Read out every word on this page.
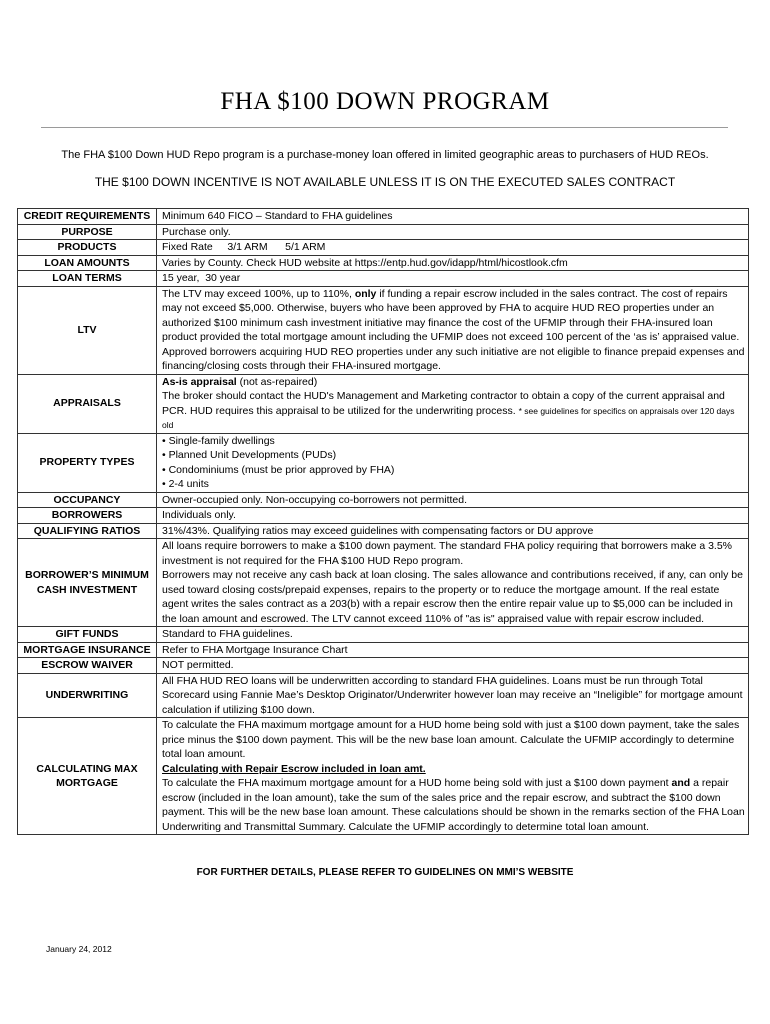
FHA $100 DOWN PROGRAM
The FHA $100 Down HUD Repo program is a purchase-money loan offered in limited geographic areas to purchasers of HUD REOs.
THE $100 DOWN INCENTIVE IS NOT AVAILABLE UNLESS IT IS ON THE EXECUTED SALES CONTRACT
CREDIT REQUIREMENTS	Minimum 640 FICO – Standard to FHA guidelines
PURPOSE	Purchase only.
PRODUCTS	Fixed Rate     3/1 ARM      5/1 ARM
LOAN AMOUNTS	Varies by County. Check HUD website at https://entp.hud.gov/idapp/html/hicostlook.cfm
LOAN TERMS	15 year,  30 year
LTV	The LTV may exceed 100%, up to 110%, only if funding a repair escrow included in the sales contract. The cost of repairs may not exceed $5,000. Otherwise, buyers who have been approved by FHA to acquire HUD REO properties under an authorized $100 minimum cash investment initiative may finance the cost of the UFMIP through their FHA-insured loan product provided the total mortgage amount including the UFMIP does not exceed 100 percent of the ‘as is’ appraised value. Approved borrowers acquiring HUD REO properties under any such initiative are not eligible to finance prepaid expenses and financing/closing costs through their FHA-insured mortgage.
APPRAISALS	As-is appraisal (not as-repaired)
The broker should contact the HUD's Management and Marketing contractor to obtain a copy of the current appraisal and PCR. HUD requires this appraisal to be utilized for the underwriting process. * see guidelines for specifics on appraisals over 120 days old
PROPERTY TYPES	• Single-family dwellings
• Planned Unit Developments (PUDs)
• Condominiums (must be prior approved by FHA)
• 2-4 units

OCCUPANCY	Owner-occupied only. Non-occupying co-borrowers not permitted.
BORROWERS	Individuals only.
QUALIFYING RATIOS	31%/43%. Qualifying ratios may exceed guidelines with compensating factors or DU approve
BORROWER’S MINIMUM CASH INVESTMENT	All loans require borrowers to make a $100 down payment. The standard FHA policy requiring that borrowers make a 3.5% investment is not required for the FHA $100 HUD Repo program.
Borrowers may not receive any cash back at loan closing. The sales allowance and contributions received, if any, can only be used toward closing costs/prepaid expenses, repairs to the property or to reduce the mortgage amount. If the real estate agent writes the sales contract as a 203(b) with a repair escrow then the entire repair value up to $5,000 can be included in the loan amount and escrowed. The LTV cannot exceed 110% of "as is" appraised value with repair escrow included.

GIFT FUNDS	Standard to FHA guidelines.
MORTGAGE INSURANCE	Refer to FHA Mortgage Insurance Chart
ESCROW WAIVER	NOT permitted.
UNDERWRITING	All FHA HUD REO loans will be underwritten according to standard FHA guidelines. Loans must be run through Total Scorecard using Fannie Mae’s Desktop Originator/Underwriter however loan may receive an “Ineligible” for mortgage amount calculation if utilizing $100 down.
CALCULATING MAX MORTGAGE	To calculate the FHA maximum mortgage amount for a HUD home being sold with just a $100 down payment, take the sales price minus the $100 down payment. This will be the new base loan amount. Calculate the UFMIP accordingly to determine total loan amount.
Calculating with Repair Escrow included in loan amt.
To calculate the FHA maximum mortgage amount for a HUD home being sold with just a $100 down payment and a repair escrow (included in the loan amount), take the sum of the sales price and the repair escrow, and subtract the $100 down payment. This will be the new base loan amount. These calculations should be shown in the remarks section of the FHA Loan Underwriting and Transmittal Summary. Calculate the UFMIP accordingly to determine total loan amount.
FOR FURTHER DETAILS, PLEASE REFER TO GUIDELINES ON MMI’S WEBSITE
January 24, 2012
